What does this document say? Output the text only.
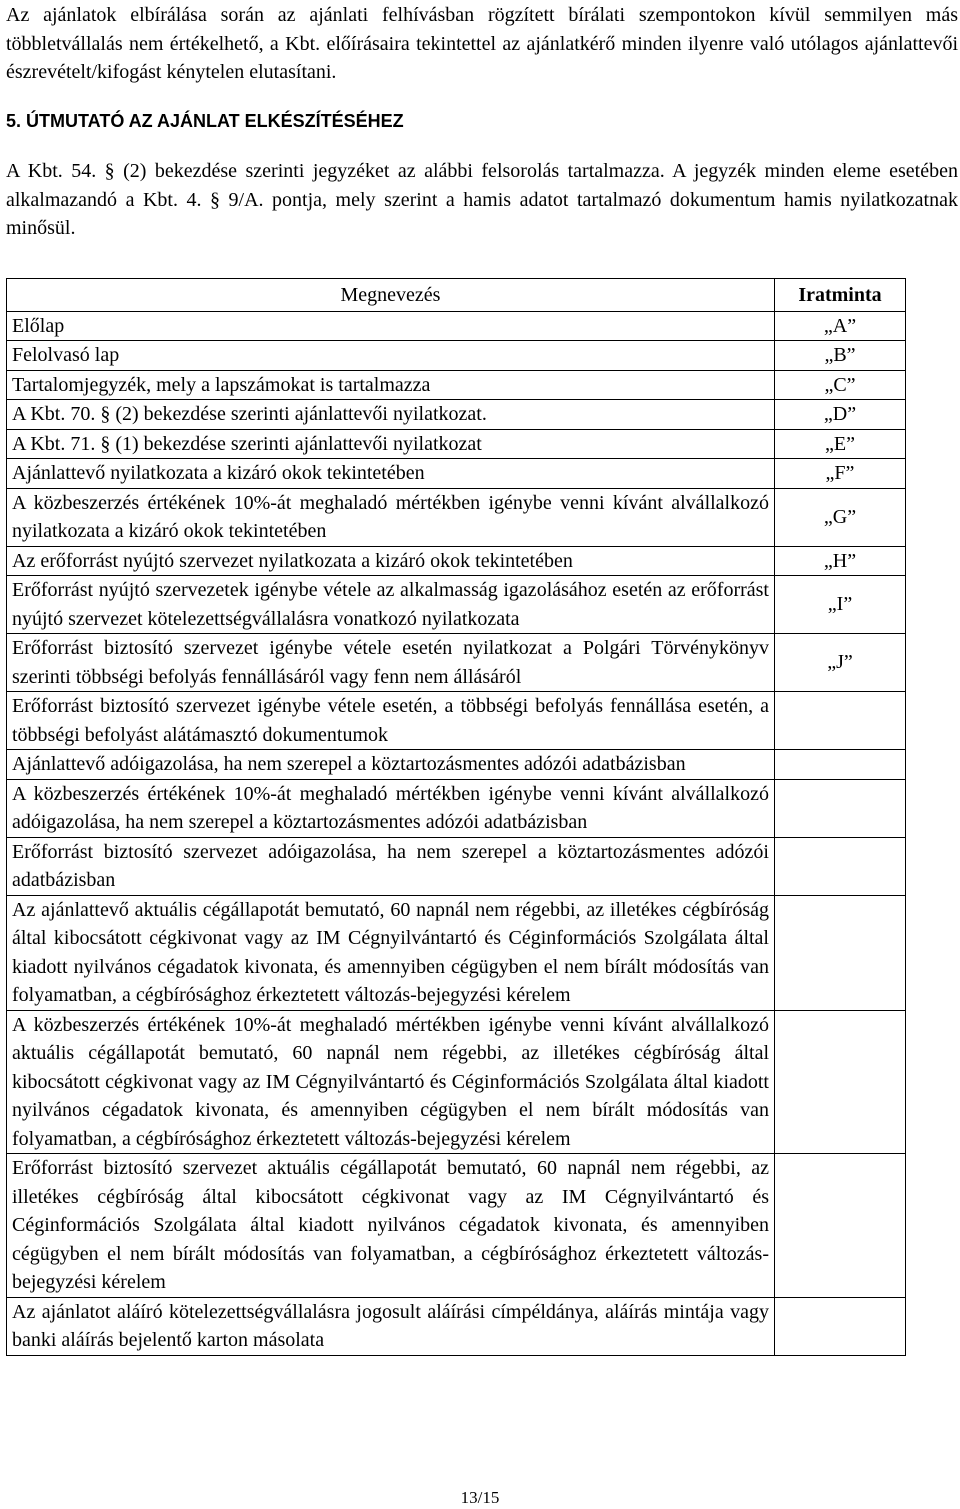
Az ajánlatok elbírálása során az ajánlati felhívásban rögzített bírálati szempontokon kívül semmilyen más többletvállalás nem értékelhető, a Kbt. előírásaira tekintettel az ajánlatkérő minden ilyenre való utólagos ajánlattevői észrevételt/kifogást kénytelen elutasítani.

5. ÚTMUTATÓ AZ AJÁNLAT ELKÉSZÍTÉSÉHEZ

A Kbt. 54. § (2) bekezdése szerinti jegyzéket az alábbi felsorolás tartalmazza. A jegyzék minden eleme esetében alkalmazandó a Kbt. 4. § 9/A. pontja, mely szerint a hamis adatot tartalmazó dokumentum hamis nyilatkozatnak minősül.

Megnevezés	Iratminta
Előlap	„A”
Felolvasó lap	„B”
Tartalomjegyzék, mely a lapszámokat is tartalmazza	„C”
A Kbt. 70. § (2) bekezdése szerinti ajánlattevői nyilatkozat.	„D”
A Kbt. 71. § (1) bekezdése szerinti ajánlattevői nyilatkozat	„E”
Ajánlattevő nyilatkozata a kizáró okok tekintetében	„F”
A közbeszerzés értékének 10%-át meghaladó mértékben igénybe venni kívánt alvállalkozó nyilatkozata a kizáró okok tekintetében	„G”
Az erőforrást nyújtó szervezet nyilatkozata a kizáró okok tekintetében	„H”
Erőforrást nyújtó szervezetek igénybe vétele az alkalmasság igazolásához esetén az erőforrást nyújtó szervezet kötelezettségvállalásra vonatkozó nyilatkozata	„I”
Erőforrást biztosító szervezet igénybe vétele esetén nyilatkozat a Polgári Törvénykönyv szerinti többségi befolyás fennállásáról vagy fenn nem állásáról	„J”
Erőforrást biztosító szervezet igénybe vétele esetén, a többségi befolyás fennállása esetén, a többségi befolyást alátámasztó dokumentumok	
Ajánlattevő adóigazolása, ha nem szerepel a köztartozásmentes adózói adatbázisban	
A közbeszerzés értékének 10%-át meghaladó mértékben igénybe venni kívánt alvállalkozó adóigazolása, ha nem szerepel a köztartozásmentes adózói adatbázisban	
Erőforrást biztosító szervezet adóigazolása, ha nem szerepel a köztartozásmentes adózói adatbázisban	
Az ajánlattevő aktuális cégállapotát bemutató, 60 napnál nem régebbi, az illetékes cégbíróság által kibocsátott cégkivonat vagy az IM Cégnyilvántartó és Céginformációs Szolgálata által kiadott nyilvános cégadatok kivonata, és amennyiben cégügyben el nem bírált módosítás van folyamatban, a cégbírósághoz érkeztetett változás-bejegyzési kérelem	
A közbeszerzés értékének 10%-át meghaladó mértékben igénybe venni kívánt alvállalkozó aktuális cégállapotát bemutató, 60 napnál nem régebbi, az illetékes cégbíróság által kibocsátott cégkivonat vagy az IM Cégnyilvántartó és Céginformációs Szolgálata által kiadott nyilvános cégadatok kivonata, és amennyiben cégügyben el nem bírált módosítás van folyamatban, a cégbírósághoz érkeztetett változás-bejegyzési kérelem	
Erőforrást biztosító szervezet aktuális cégállapotát bemutató, 60 napnál nem régebbi, az illetékes cégbíróság által kibocsátott cégkivonat vagy az IM Cégnyilvántartó és Céginformációs Szolgálata által kiadott nyilvános cégadatok kivonata, és amennyiben cégügyben el nem bírált módosítás van folyamatban, a cégbírósághoz érkeztetett változás-bejegyzési kérelem	
Az ajánlatot aláíró kötelezettségvállalásra jogosult aláírási címpéldánya, aláírás mintája vagy banki aláírás bejelentő karton másolata	
13/15
